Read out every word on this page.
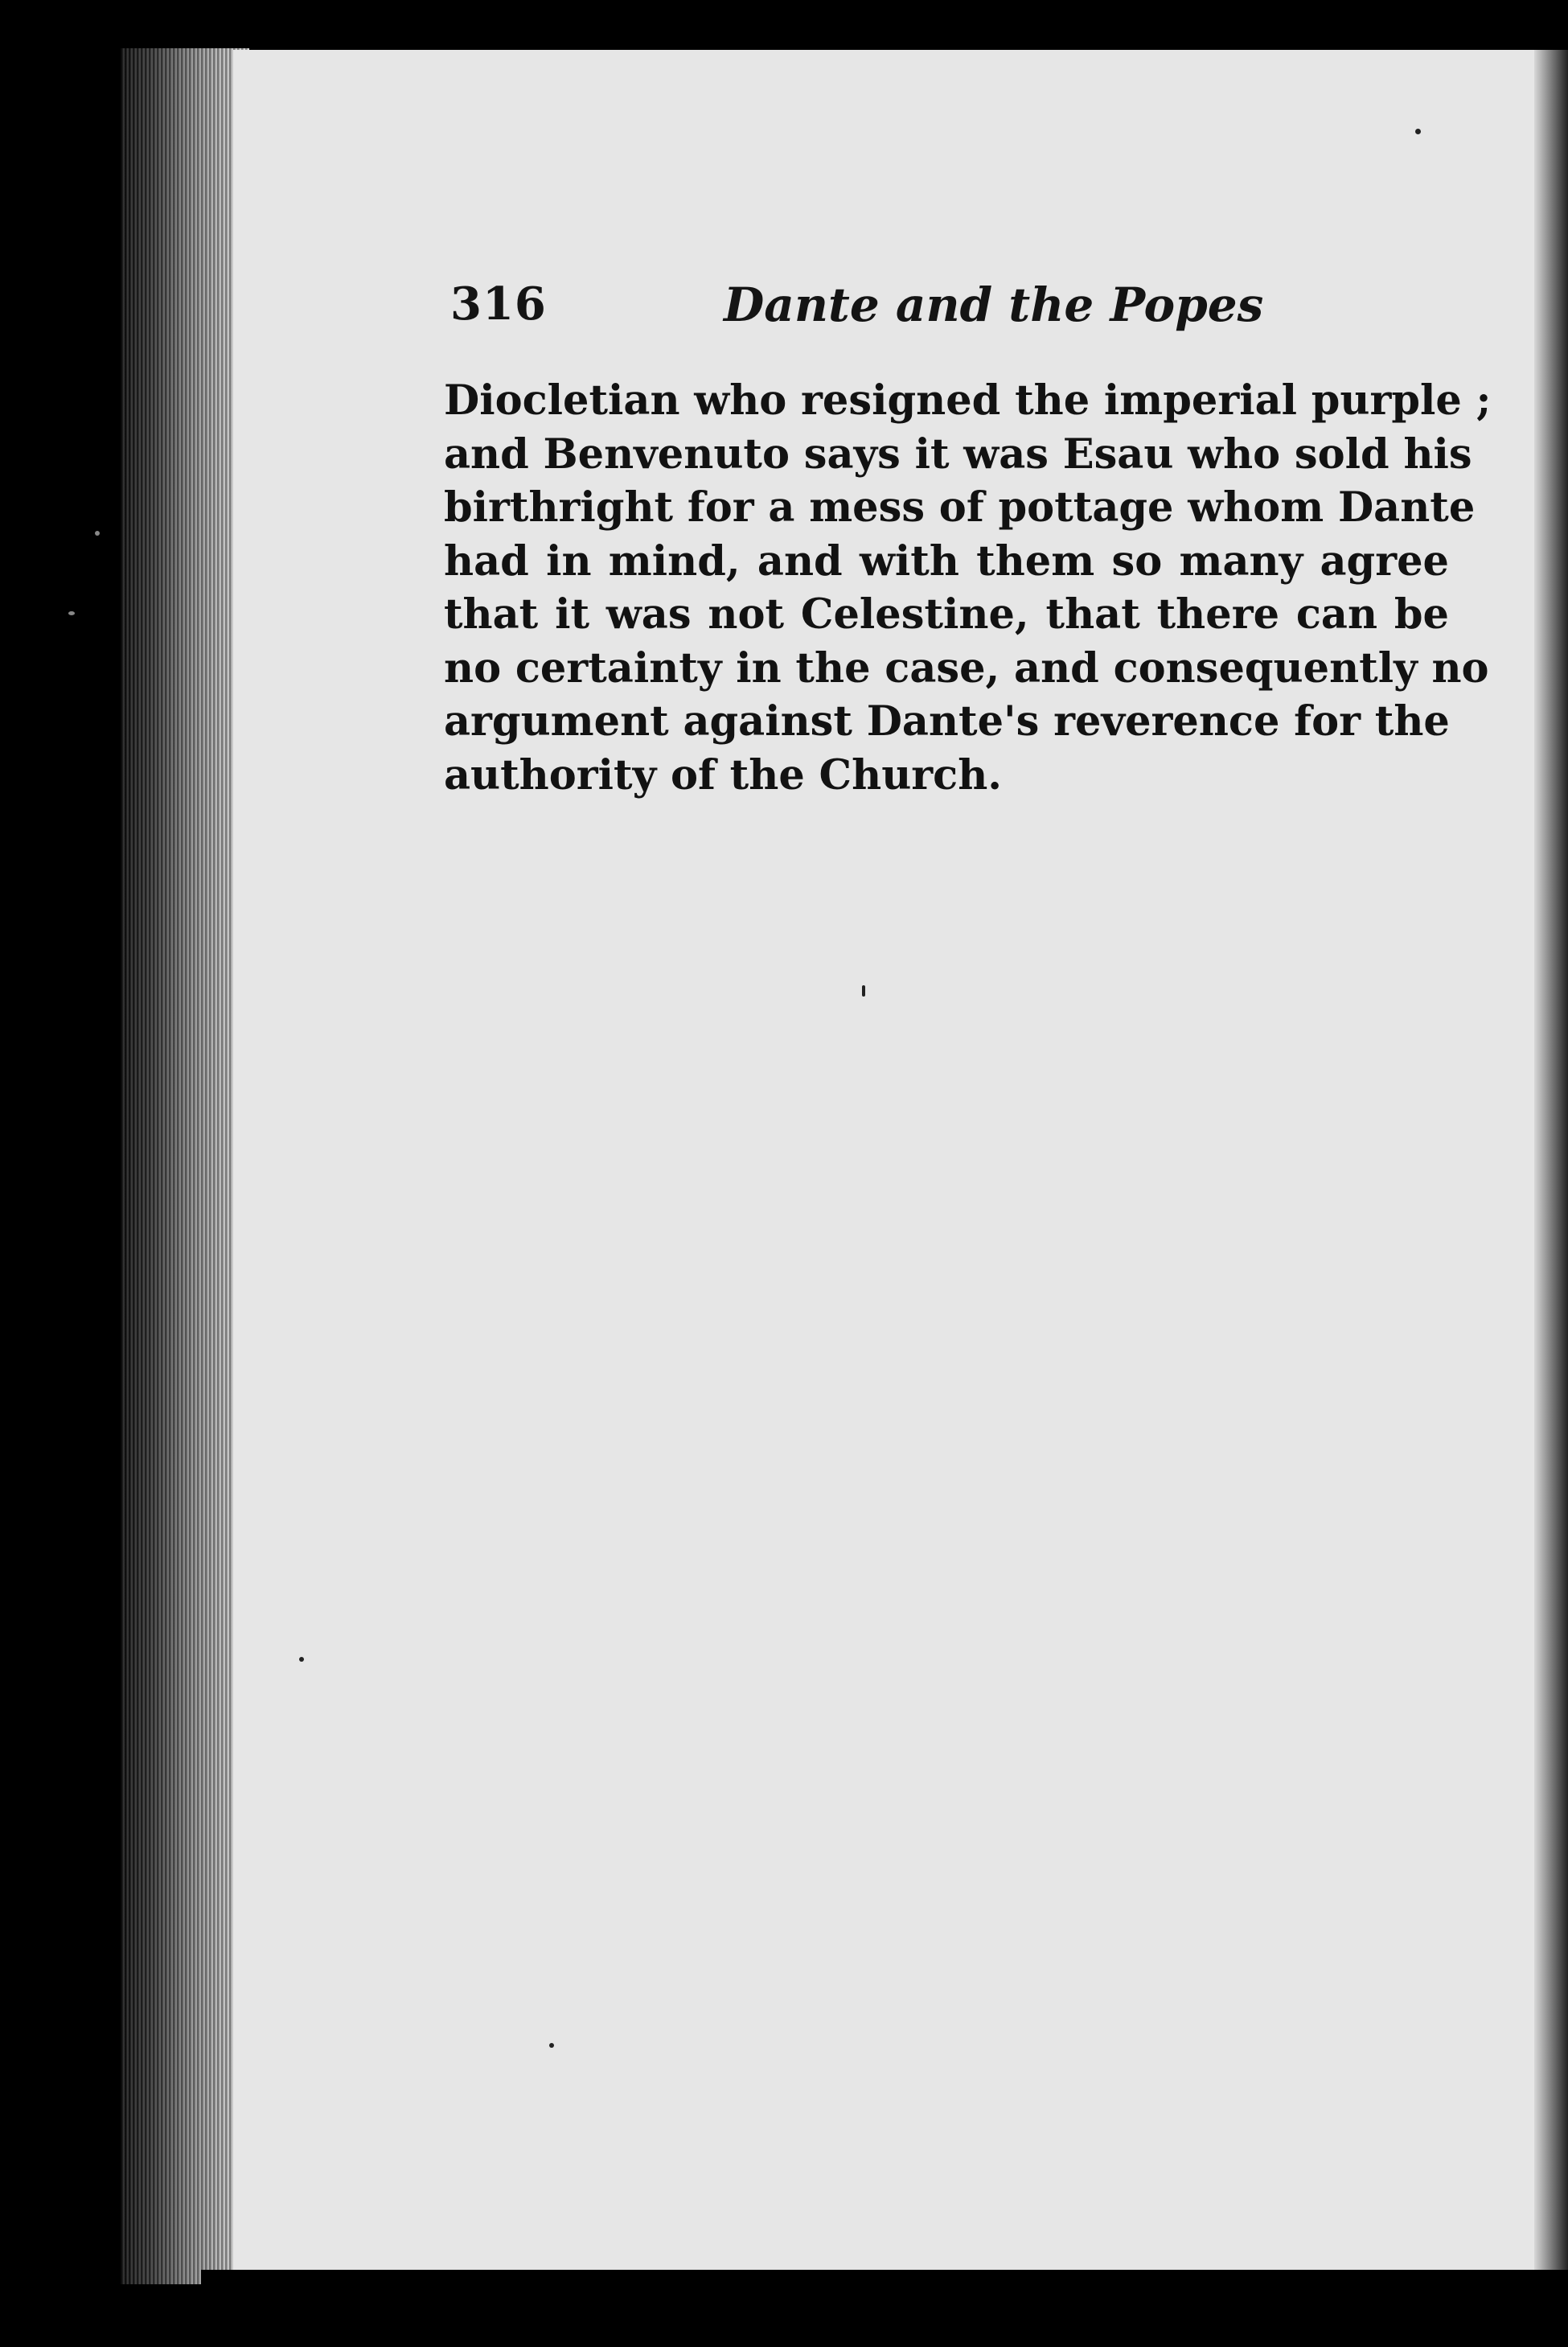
316	Dante and the Popes
Diocletian who resigned the imperial purple ;
and Benvenuto says it was Esau who sold his
birthright for a mess of pottage whom Dante
had in mind, and with them so many agree
that it was not Celestine, that there can be
no certainty in the case, and consequently no
argument against Dante's reverence for the
authority of the Church.
